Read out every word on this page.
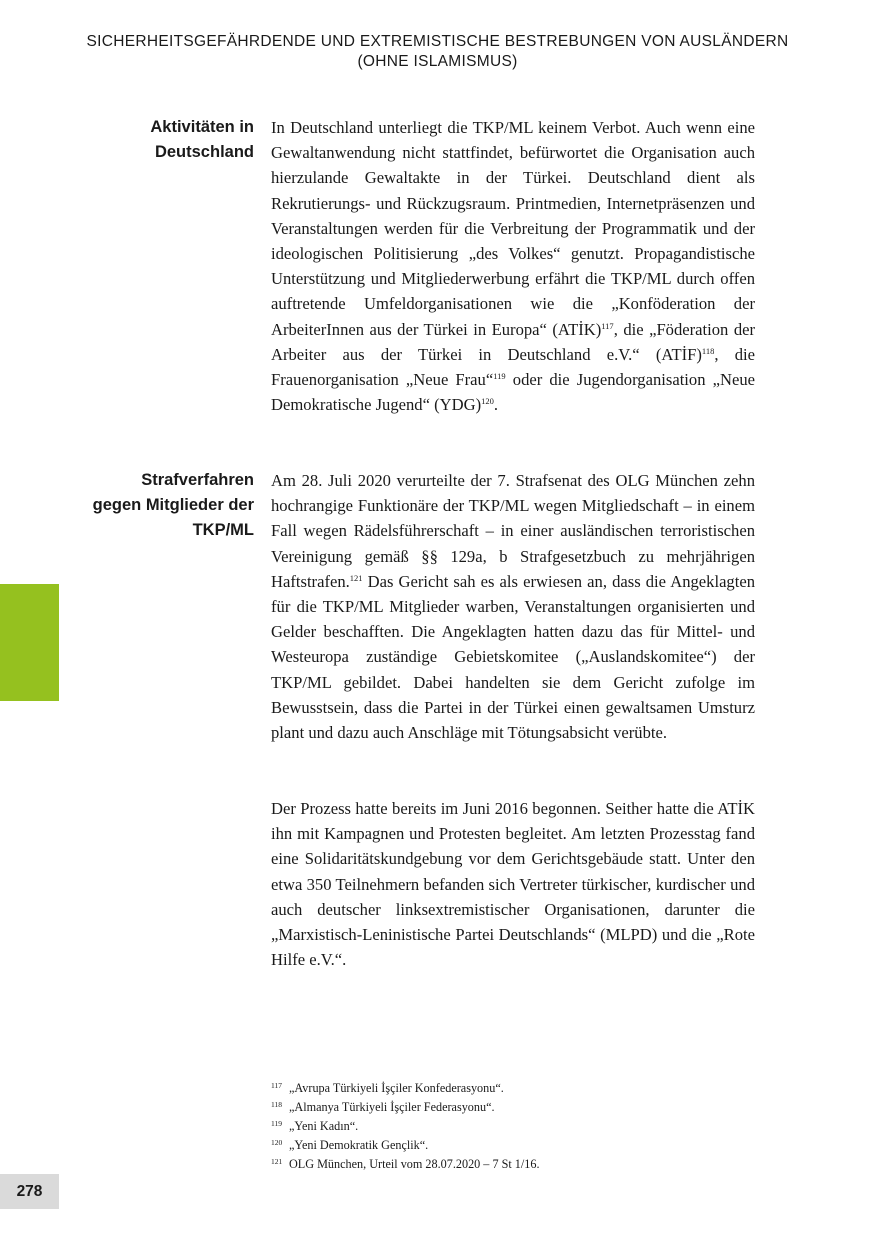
SICHERHEITSGEFÄHRDENDE UND EXTREMISTISCHE BESTREBUNGEN VON AUSLÄNDERN
(OHNE ISLAMISMUS)
Aktivitäten in
Deutschland

In Deutschland unterliegt die TKP/ML keinem Verbot. Auch wenn eine Gewaltanwendung nicht stattfindet, befürwortet die Organisation auch hierzulande Gewaltakte in der Türkei. Deutschland dient als Rekrutierungs- und Rückzugsraum. Printmedien, Internetpräsenzen und Veranstaltungen werden für die Verbreitung der Programmatik und der ideologischen Politisierung „des Volkes“ genutzt. Propagandistische Unterstützung und Mitgliederwerbung erfährt die TKP/ML durch offen auftretende Umfeldorganisationen wie die „Konföderation der ArbeiterInnen aus der Türkei in Europa“ (ATİK)$^{117}$, die „Föderation der Arbeiter aus der Türkei in Deutschland e.V.“ (ATİF)$^{118}$, die Frauenorganisation „Neue Frau“$^{119}$ oder die Jugendorganisation „Neue Demokratische Jugend“ (YDG)$^{120}$.

Strafverfahren
gegen Mitglieder der
TKP/ML

Am 28. Juli 2020 verurteilte der 7. Strafsenat des OLG München zehn hochrangige Funktionäre der TKP/ML wegen Mitgliedschaft – in einem Fall wegen Rädelsführerschaft – in einer ausländischen terroristischen Vereinigung gemäß §§ 129a, b Strafgesetzbuch zu mehrjährigen Haftstrafen.$^{121}$ Das Gericht sah es als erwiesen an, dass die Angeklagten für die TKP/ML Mitglieder warben, Veranstaltungen organisierten und Gelder beschafften. Die Angeklagten hatten dazu das für Mittel- und Westeuropa zuständige Gebietskomitee („Auslandskomitee“) der TKP/ML gebildet. Dabei handelten sie dem Gericht zufolge im Bewusstsein, dass die Partei in der Türkei einen gewaltsamen Umsturz plant und dazu auch Anschläge mit Tötungsabsicht verübte.

Der Prozess hatte bereits im Juni 2016 begonnen. Seither hatte die ATİK ihn mit Kampagnen und Protesten begleitet. Am letzten Prozesstag fand eine Solidaritätskundgebung vor dem Gerichtsgebäude statt. Unter den etwa 350 Teilnehmern befanden sich Vertreter türkischer, kurdischer und auch deutscher linksextremistischer Organisationen, darunter die „Marxistisch-Leninistische Partei Deutschlands“ (MLPD) und die „Rote Hilfe e.V.“.

$^{117}$ „Avrupa Türkiyeli İşçiler Konfederasyonu“.
$^{118}$ „Almanya Türkiyeli İşçiler Federasyonu“.
$^{119}$ „Yeni Kadın“.
$^{120}$ „Yeni Demokratik Gençlik“.
$^{121}$ OLG München, Urteil vom 28.07.2020 – 7 St 1/16.
278
